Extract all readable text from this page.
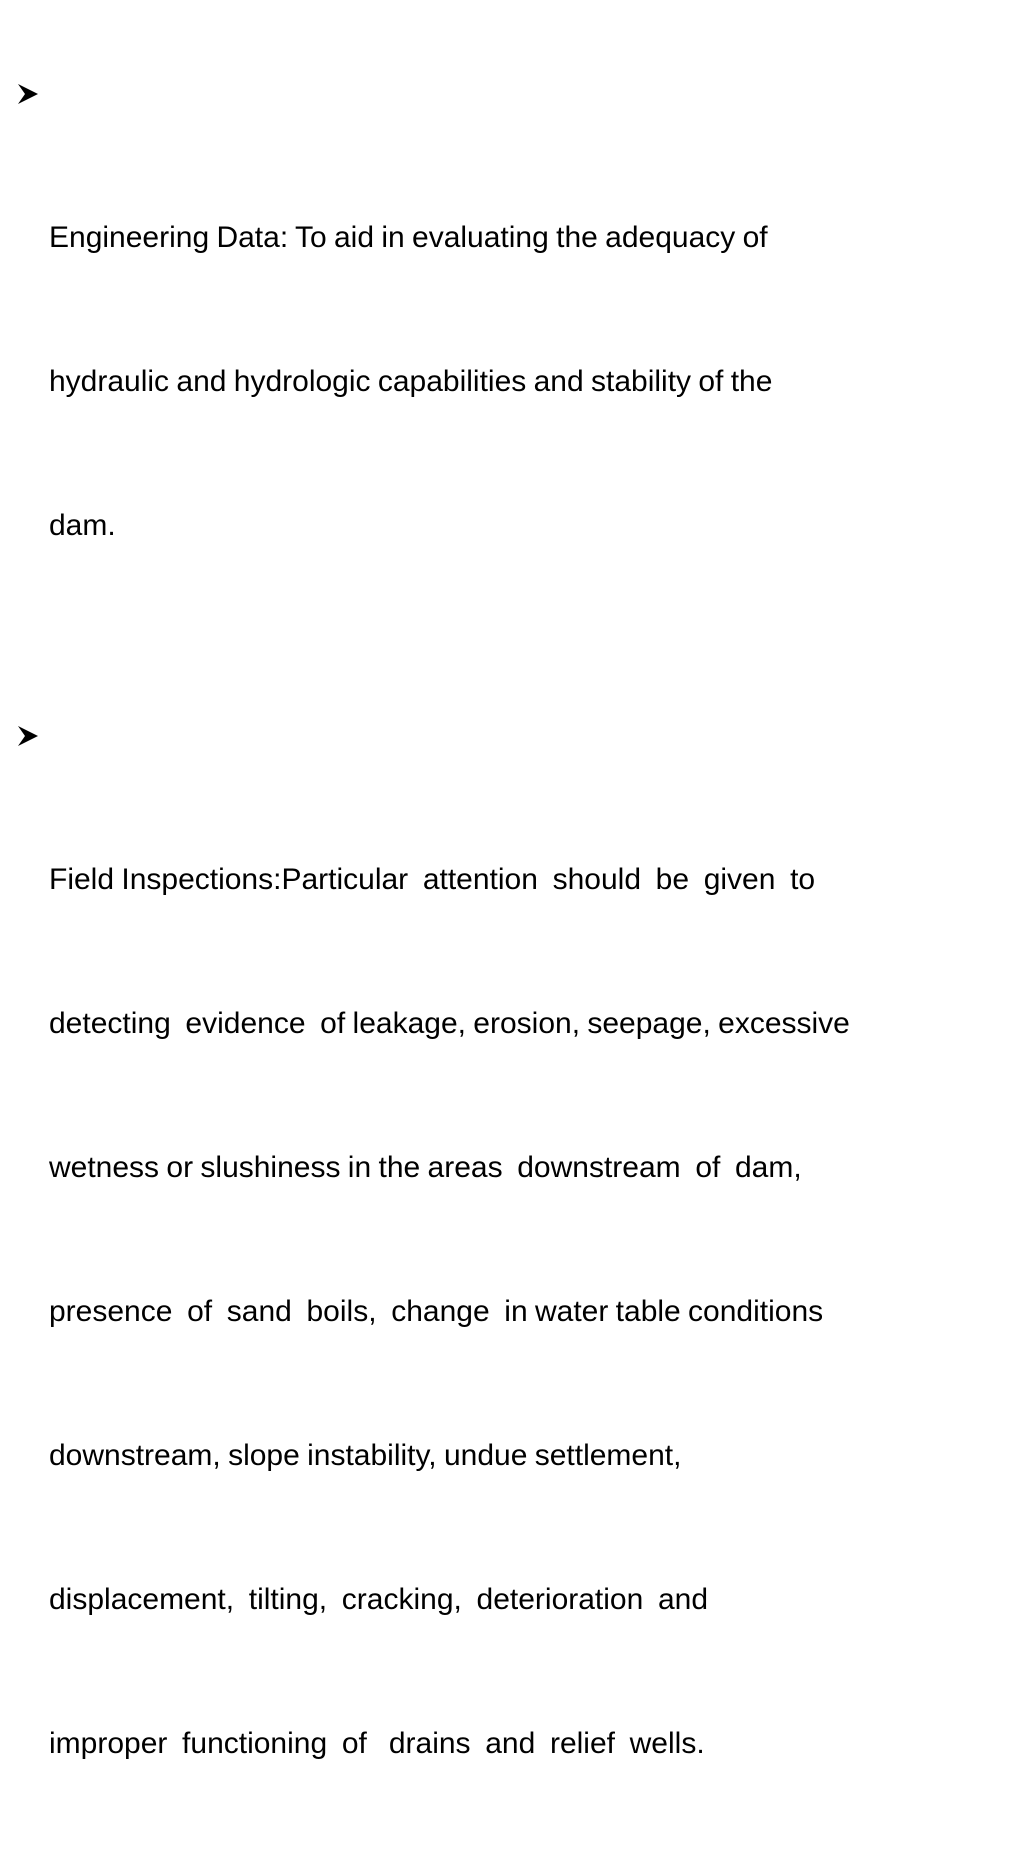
Engineering Data: To aid in evaluating the adequacy of

hydraulic and hydrologic capabilities and stability of the

dam.

Field Inspections:Particular  attention  should  be  given  to

detecting  evidence  of leakage, erosion, seepage, excessive

wetness or slushiness in the areas  downstream  of  dam,

presence  of  sand  boils,  change  in water table conditions

downstream, slope instability, undue settlement,

displacement,  tilting,  cracking,  deterioration  and

improper  functioning  of   drains  and  relief  wells.
